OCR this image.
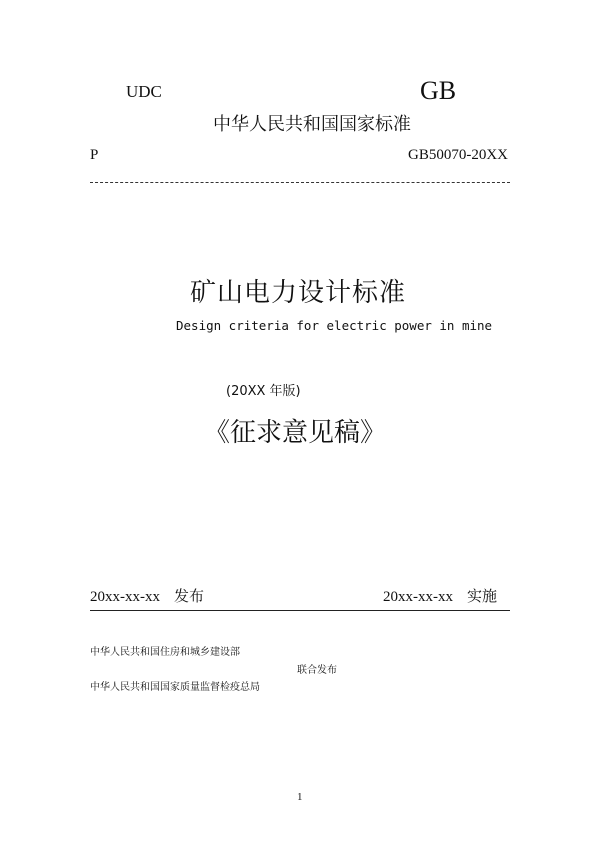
UDC	GB
中华人民共和国国家标准
P	GB50070-20XX
矿山电力设计标准
Design criteria for electric power in mine
(20XX 年版)
《征求意见稿》
20xx-xx-xx 发布	20xx-xx-xx 实施
中华人民共和国住房和城乡建设部
联合发布
中华人民共和国国家质量监督检疫总局
1
